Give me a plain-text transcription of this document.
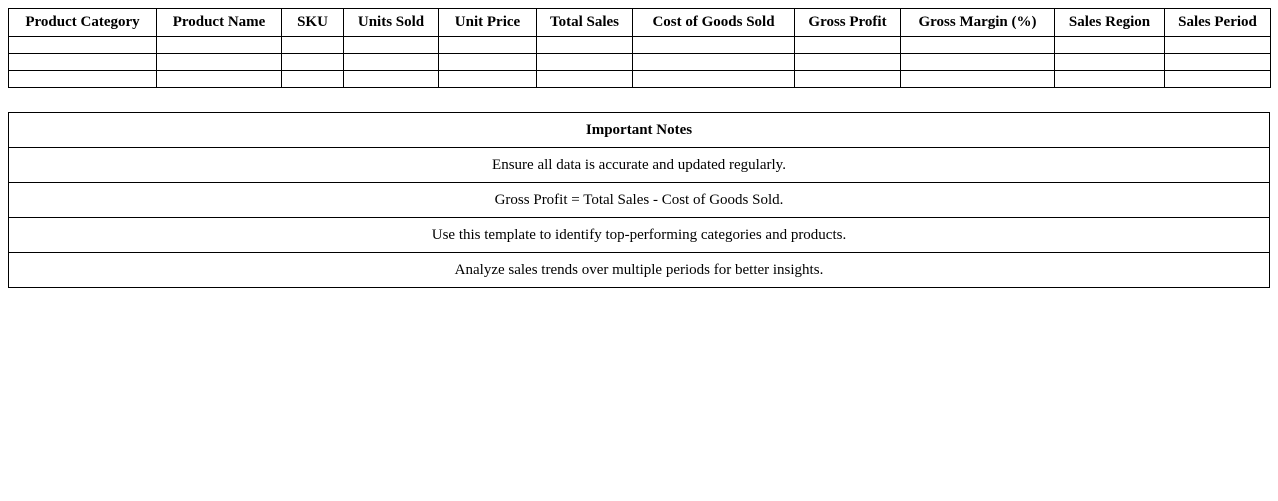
Product Category	Product Name	SKU	Units Sold	Unit Price	Total Sales	Cost of Goods Sold	Gross Profit	Gross Margin (%)	Sales Region	Sales Period

Important Notes
Ensure all data is accurate and updated regularly.
Gross Profit = Total Sales - Cost of Goods Sold.
Use this template to identify top-performing categories and products.
Analyze sales trends over multiple periods for better insights.
